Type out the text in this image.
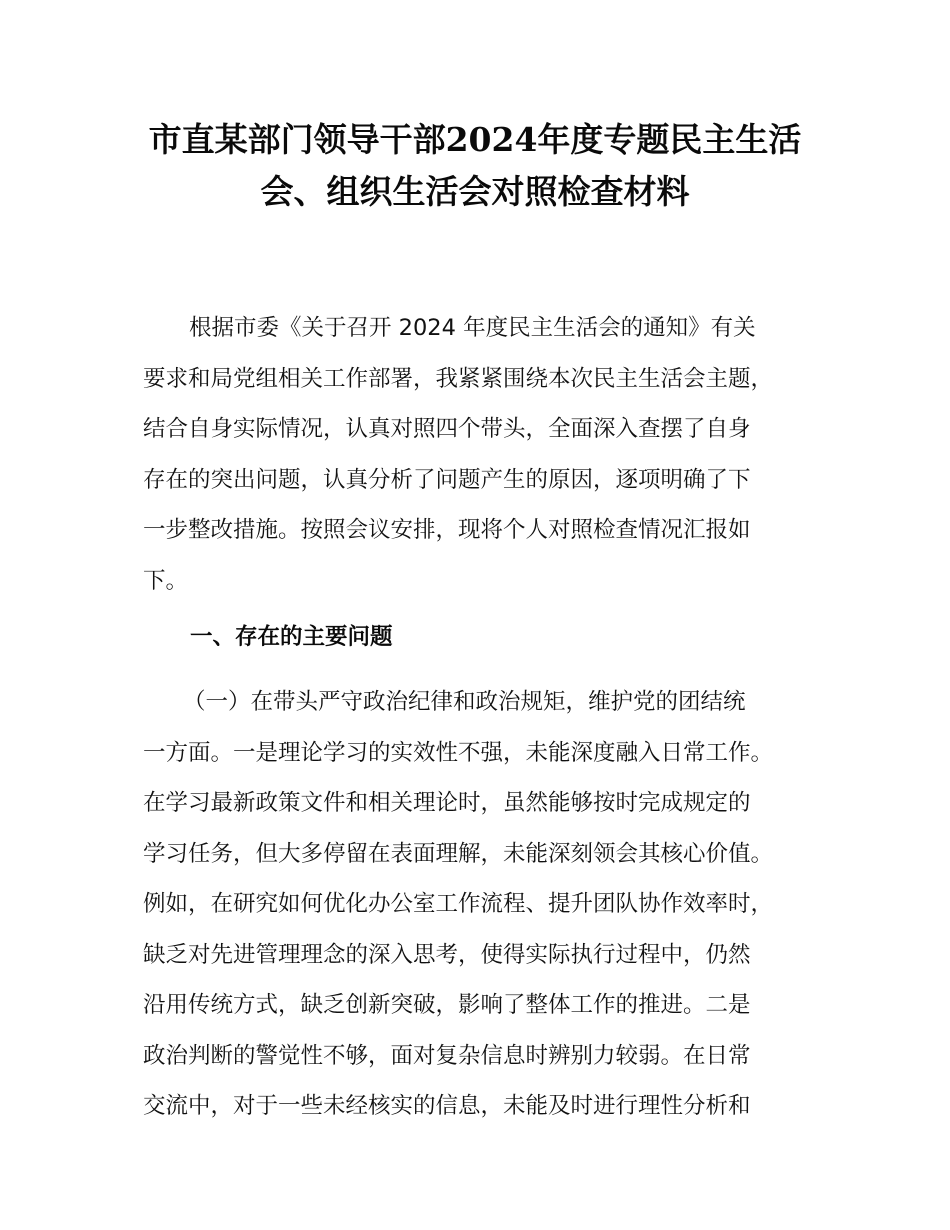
市直某部门领导干部2024年度专题民主生活
会、组织生活会对照检查材料
根据市委《关于召开 2024 年度民主生活会的通知》有关
要求和局党组相关工作部署，我紧紧围绕本次民主生活会主题，
结合自身实际情况，认真对照四个带头，全面深入查摆了自身
存在的突出问题，认真分析了问题产生的原因，逐项明确了下
一步整改措施。按照会议安排，现将个人对照检查情况汇报如
下。
一、存在的主要问题
（一）在带头严守政治纪律和政治规矩，维护党的团结统
一方面。一是理论学习的实效性不强，未能深度融入日常工作。
在学习最新政策文件和相关理论时，虽然能够按时完成规定的
学习任务，但大多停留在表面理解，未能深刻领会其核心价值。
例如，在研究如何优化办公室工作流程、提升团队协作效率时，
缺乏对先进管理理念的深入思考，使得实际执行过程中，仍然
沿用传统方式，缺乏创新突破，影响了整体工作的推进。二是
政治判断的警觉性不够，面对复杂信息时辨别力较弱。在日常
交流中，对于一些未经核实的信息，未能及时进行理性分析和
